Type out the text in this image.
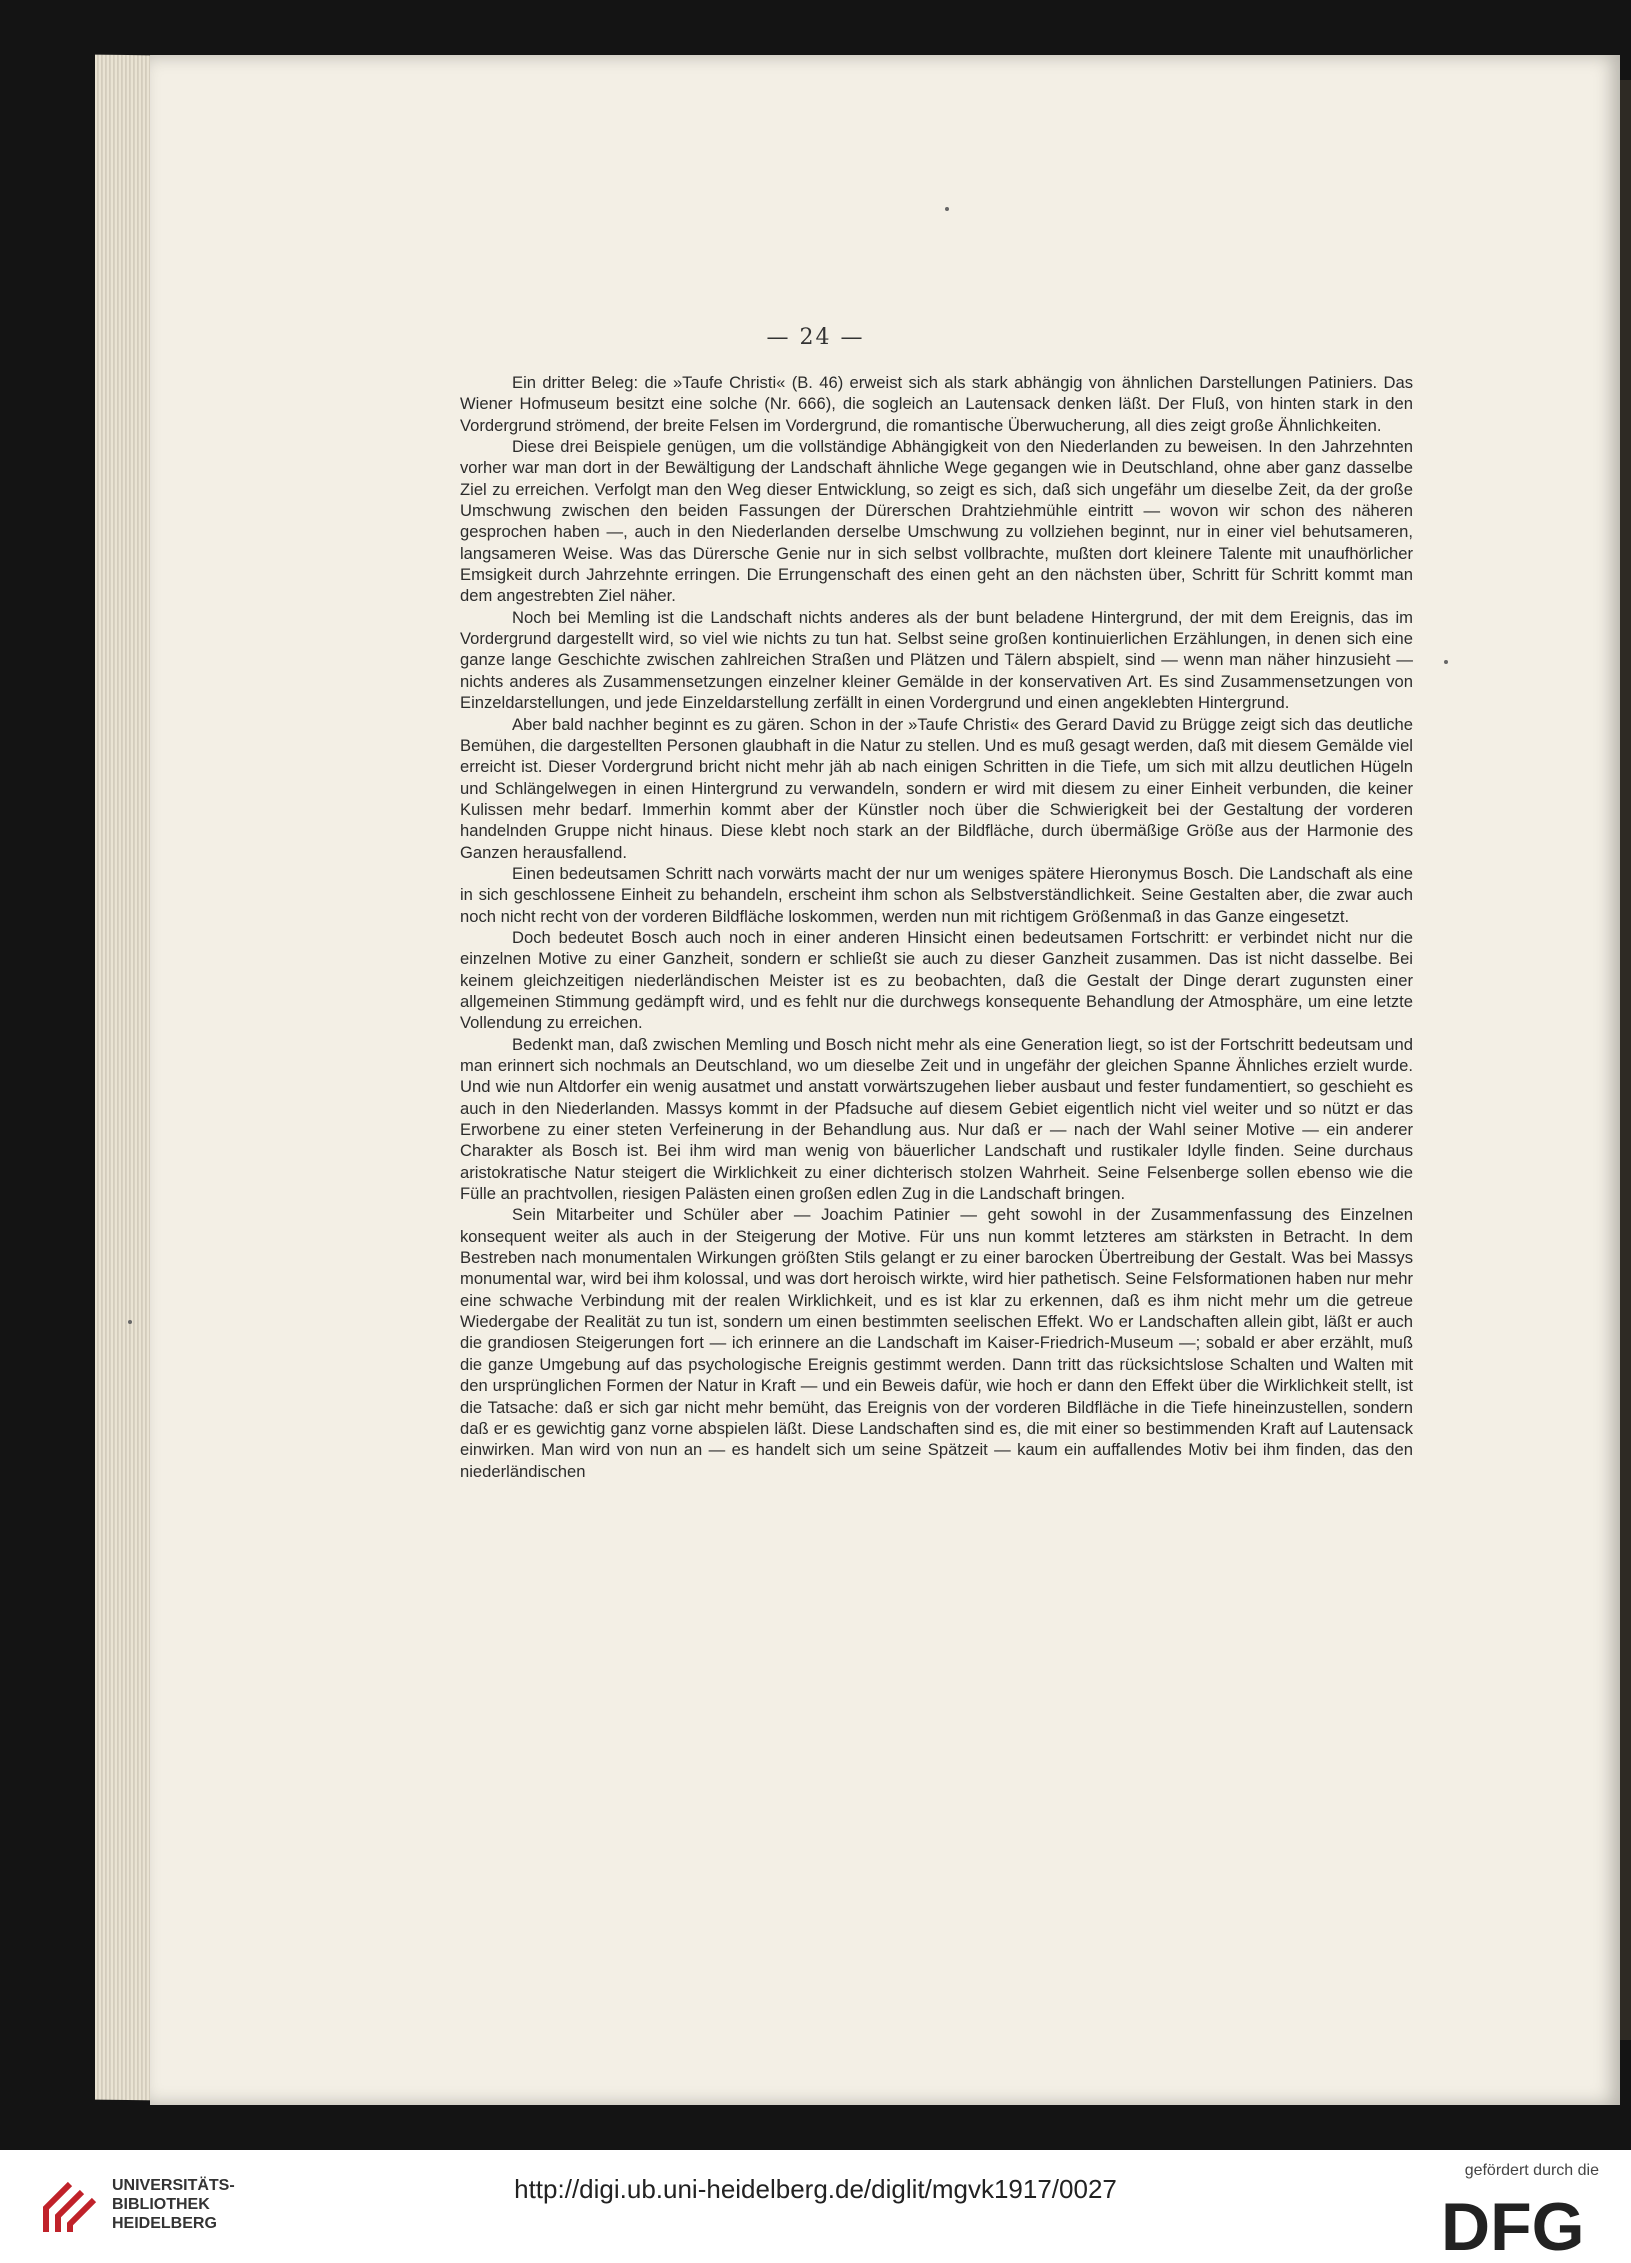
— 24 —

Ein dritter Beleg: die »Taufe Christi« (B. 46) erweist sich als stark abhängig von ähnlichen Darstellungen Patiniers. Das Wiener Hofmuseum besitzt eine solche (Nr. 666), die sogleich an Lautensack denken läßt. Der Fluß, von hinten stark in den Vordergrund strömend, der breite Felsen im Vordergrund, die romantische Überwucherung, all dies zeigt große Ähnlichkeiten.

Diese drei Beispiele genügen, um die vollständige Abhängigkeit von den Niederlanden zu beweisen. In den Jahrzehnten vorher war man dort in der Bewältigung der Landschaft ähnliche Wege gegangen wie in Deutschland, ohne aber ganz dasselbe Ziel zu erreichen. Verfolgt man den Weg dieser Entwicklung, so zeigt es sich, daß sich ungefähr um dieselbe Zeit, da der große Umschwung zwischen den beiden Fassungen der Dürerschen Drahtziehmühle eintritt — wovon wir schon des näheren gesprochen haben —, auch in den Niederlanden derselbe Umschwung zu vollziehen beginnt, nur in einer viel behutsameren, langsameren Weise. Was das Dürersche Genie nur in sich selbst vollbrachte, mußten dort kleinere Talente mit unaufhörlicher Emsigkeit durch Jahrzehnte erringen. Die Errungenschaft des einen geht an den nächsten über, Schritt für Schritt kommt man dem angestrebten Ziel näher.

Noch bei Memling ist die Landschaft nichts anderes als der bunt beladene Hintergrund, der mit dem Ereignis, das im Vordergrund dargestellt wird, so viel wie nichts zu tun hat. Selbst seine großen kontinuierlichen Erzählungen, in denen sich eine ganze lange Geschichte zwischen zahlreichen Straßen und Plätzen und Tälern abspielt, sind — wenn man näher hinzusieht — nichts anderes als Zusammensetzungen einzelner kleiner Gemälde in der konservativen Art. Es sind Zusammensetzungen von Einzeldarstellungen, und jede Einzeldarstellung zerfällt in einen Vordergrund und einen angeklebten Hintergrund.

Aber bald nachher beginnt es zu gären. Schon in der »Taufe Christi« des Gerard David zu Brügge zeigt sich das deutliche Bemühen, die dargestellten Personen glaubhaft in die Natur zu stellen. Und es muß gesagt werden, daß mit diesem Gemälde viel erreicht ist. Dieser Vordergrund bricht nicht mehr jäh ab nach einigen Schritten in die Tiefe, um sich mit allzu deutlichen Hügeln und Schlängelwegen in einen Hintergrund zu verwandeln, sondern er wird mit diesem zu einer Einheit verbunden, die keiner Kulissen mehr bedarf. Immerhin kommt aber der Künstler noch über die Schwierigkeit bei der Gestaltung der vorderen handelnden Gruppe nicht hinaus. Diese klebt noch stark an der Bildfläche, durch übermäßige Größe aus der Harmonie des Ganzen herausfallend.

Einen bedeutsamen Schritt nach vorwärts macht der nur um weniges spätere Hieronymus Bosch. Die Landschaft als eine in sich geschlossene Einheit zu behandeln, erscheint ihm schon als Selbstverständlichkeit. Seine Gestalten aber, die zwar auch noch nicht recht von der vorderen Bildfläche loskommen, werden nun mit richtigem Größenmaß in das Ganze eingesetzt.

Doch bedeutet Bosch auch noch in einer anderen Hinsicht einen bedeutsamen Fortschritt: er verbindet nicht nur die einzelnen Motive zu einer Ganzheit, sondern er schließt sie auch zu dieser Ganzheit zusammen. Das ist nicht dasselbe. Bei keinem gleichzeitigen niederländischen Meister ist es zu beobachten, daß die Gestalt der Dinge derart zugunsten einer allgemeinen Stimmung gedämpft wird, und es fehlt nur die durchwegs konsequente Behandlung der Atmosphäre, um eine letzte Vollendung zu erreichen.

Bedenkt man, daß zwischen Memling und Bosch nicht mehr als eine Generation liegt, so ist der Fortschritt bedeutsam und man erinnert sich nochmals an Deutschland, wo um dieselbe Zeit und in ungefähr der gleichen Spanne Ähnliches erzielt wurde. Und wie nun Altdorfer ein wenig ausatmet und anstatt vorwärtszugehen lieber ausbaut und fester fundamentiert, so geschieht es auch in den Niederlanden. Massys kommt in der Pfadsuche auf diesem Gebiet eigentlich nicht viel weiter und so nützt er das Erworbene zu einer steten Verfeinerung in der Behandlung aus. Nur daß er — nach der Wahl seiner Motive — ein anderer Charakter als Bosch ist. Bei ihm wird man wenig von bäuerlicher Landschaft und rustikaler Idylle finden. Seine durchaus aristokratische Natur steigert die Wirklichkeit zu einer dichterisch stolzen Wahrheit. Seine Felsenberge sollen ebenso wie die Fülle an prachtvollen, riesigen Palästen einen großen edlen Zug in die Landschaft bringen.

Sein Mitarbeiter und Schüler aber — Joachim Patinier — geht sowohl in der Zusammenfassung des Einzelnen konsequent weiter als auch in der Steigerung der Motive. Für uns nun kommt letzteres am stärksten in Betracht. In dem Bestreben nach monumentalen Wirkungen größten Stils gelangt er zu einer barocken Übertreibung der Gestalt. Was bei Massys monumental war, wird bei ihm kolossal, und was dort heroisch wirkte, wird hier pathetisch. Seine Felsformationen haben nur mehr eine schwache Verbindung mit der realen Wirklichkeit, und es ist klar zu erkennen, daß es ihm nicht mehr um die getreue Wiedergabe der Realität zu tun ist, sondern um einen bestimmten seelischen Effekt. Wo er Landschaften allein gibt, läßt er auch die grandiosen Steigerungen fort — ich erinnere an die Landschaft im Kaiser-Friedrich-Museum —; sobald er aber erzählt, muß die ganze Umgebung auf das psychologische Ereignis gestimmt werden. Dann tritt das rücksichtslose Schalten und Walten mit den ursprünglichen Formen der Natur in Kraft — und ein Beweis dafür, wie hoch er dann den Effekt über die Wirklichkeit stellt, ist die Tatsache: daß er sich gar nicht mehr bemüht, das Ereignis von der vorderen Bildfläche in die Tiefe hineinzustellen, sondern daß er es gewichtig ganz vorne abspielen läßt. Diese Landschaften sind es, die mit einer so bestimmenden Kraft auf Lautensack einwirken. Man wird von nun an — es handelt sich um seine Spätzeit — kaum ein auffallendes Motiv bei ihm finden, das den niederländischen

UNIVERSITÄTS-
BIBLIOTHEK
HEIDELBERG
http://digi.ub.uni-heidelberg.de/diglit/mgvk1917/0027
gefördert durch die
DFG
